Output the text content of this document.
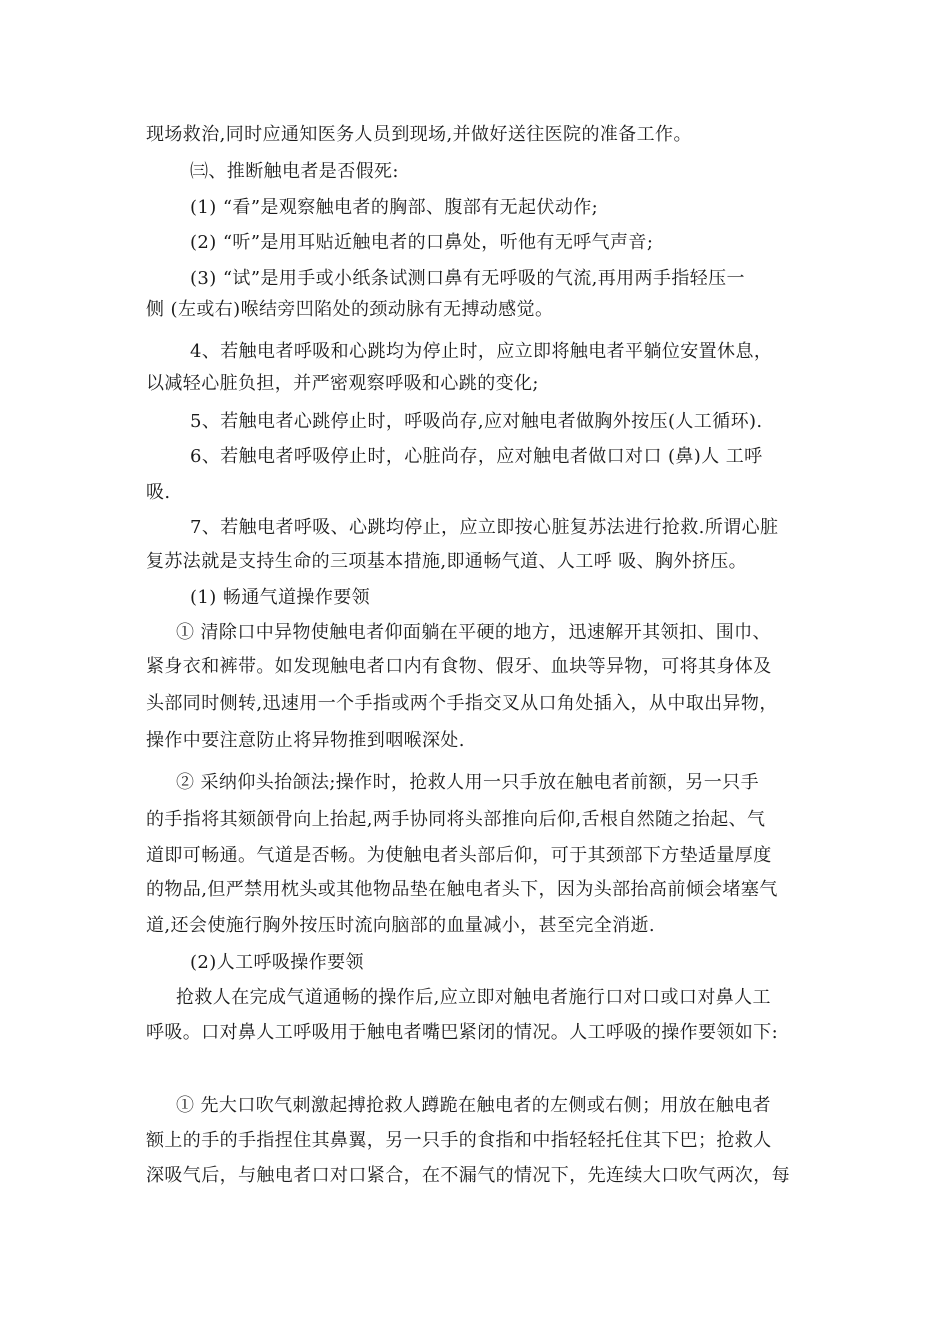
现场救治,同时应通知医务人员到现场,并做好送往医院的准备工作。
㈢、推断触电者是否假死:
(1) “看”是观察触电者的胸部、腹部有无起伏动作;
(2) “听”是用耳贴近触电者的口鼻处，听他有无呼气声音;
(3) “试”是用手或小纸条试测口鼻有无呼吸的气流,再用两手指轻压一
侧 (左或右)喉结旁凹陷处的颈动脉有无搏动感觉。
4、若触电者呼吸和心跳均为停止时，应立即将触电者平躺位安置休息，
以减轻心脏负担，并严密观察呼吸和心跳的变化;
5、若触电者心跳停止时，呼吸尚存,应对触电者做胸外按压(人工循环).
6、若触电者呼吸停止时，心脏尚存，应对触电者做口对口 (鼻)人 工呼
吸.
7、若触电者呼吸、心跳均停止，应立即按心脏复苏法进行抢救.所谓心脏
复苏法就是支持生命的三项基本措施,即通畅气道、人工呼 吸、胸外挤压。
(1) 畅通气道操作要领
① 清除口中异物使触电者仰面躺在平硬的地方，迅速解开其领扣、围巾、
紧身衣和裤带。如发现触电者口内有食物、假牙、血块等异物，可将其身体及
头部同时侧转,迅速用一个手指或两个手指交叉从口角处插入，从中取出异物，
操作中要注意防止将异物推到咽喉深处.
② 采纳仰头抬颌法;操作时，抢救人用一只手放在触电者前额，另一只手
的手指将其颏颌骨向上抬起,两手协同将头部推向后仰,舌根自然随之抬起、气
道即可畅通。气道是否畅。为使触电者头部后仰，可于其颈部下方垫适量厚度
的物品,但严禁用枕头或其他物品垫在触电者头下，因为头部抬高前倾会堵塞气
道,还会使施行胸外按压时流向脑部的血量减小，甚至完全消逝.
(2)人工呼吸操作要领
抢救人在完成气道通畅的操作后,应立即对触电者施行口对口或口对鼻人工
呼吸。口对鼻人工呼吸用于触电者嘴巴紧闭的情况。人工呼吸的操作要领如下:
① 先大口吹气刺激起搏抢救人蹲跪在触电者的左侧或右侧；用放在触电者
额上的手的手指捏住其鼻翼，另一只手的食指和中指轻轻托住其下巴；抢救人
深吸气后，与触电者口对口紧合，在不漏气的情况下，先连续大口吹气两次，每
